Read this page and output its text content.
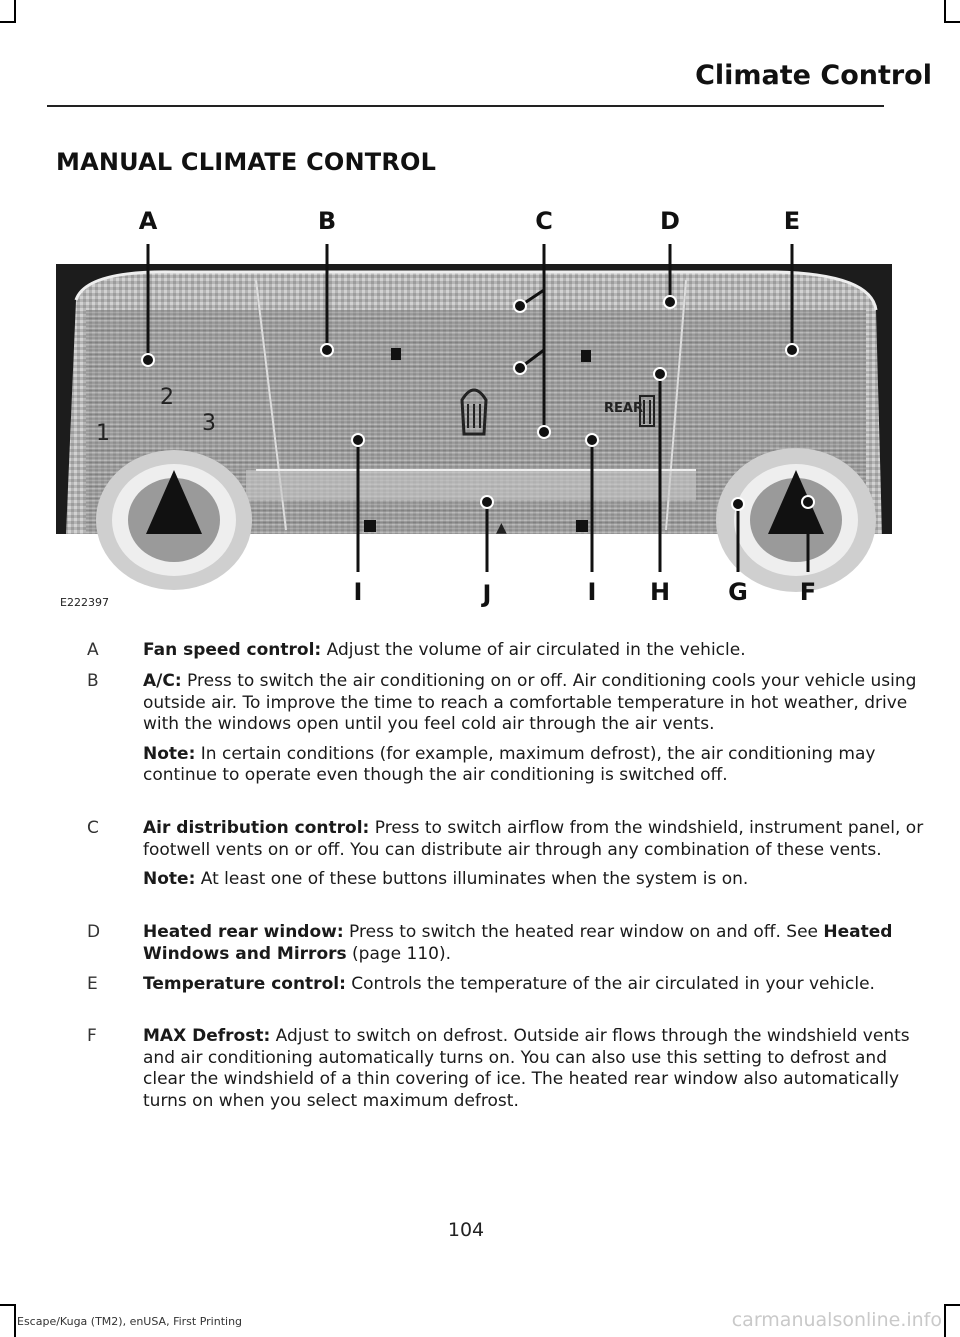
Climate Control
MANUAL CLIMATE CONTROL
1
2
3
REAR
▲
A	B	C	D	E
I	J	I H G F
E222397
A	Fan speed control: Adjust the volume of air circulated in the vehicle.
B	A/C: Press to switch the air conditioning on or off. Air conditioning cools your vehicle using outside air. To improve the time to reach a comfortable temperature in hot weather, drive with the windows open until you feel cold air through the air vents.
Note: In certain conditions (for example, maximum defrost), the air conditioning may continue to operate even though the air conditioning is switched off.
C	Air distribution control: Press to switch airflow from the windshield, instrument panel, or footwell vents on or off. You can distribute air through any combination of these vents.
Note: At least one of these buttons illuminates when the system is on.
D	Heated rear window: Press to switch the heated rear window on and off. See Heated Windows and Mirrors (page 110).
E	Temperature control: Controls the temperature of the air circulated in your vehicle.
F	MAX Defrost: Adjust to switch on defrost. Outside air flows through the windshield vents and air conditioning automatically turns on. You can also use this setting to defrost and clear the windshield of a thin covering of ice. The heated rear window also automatically turns on when you select maximum defrost.
104
Escape/Kuga (TM2), enUSA, First Printing	carmanualsonline.info
